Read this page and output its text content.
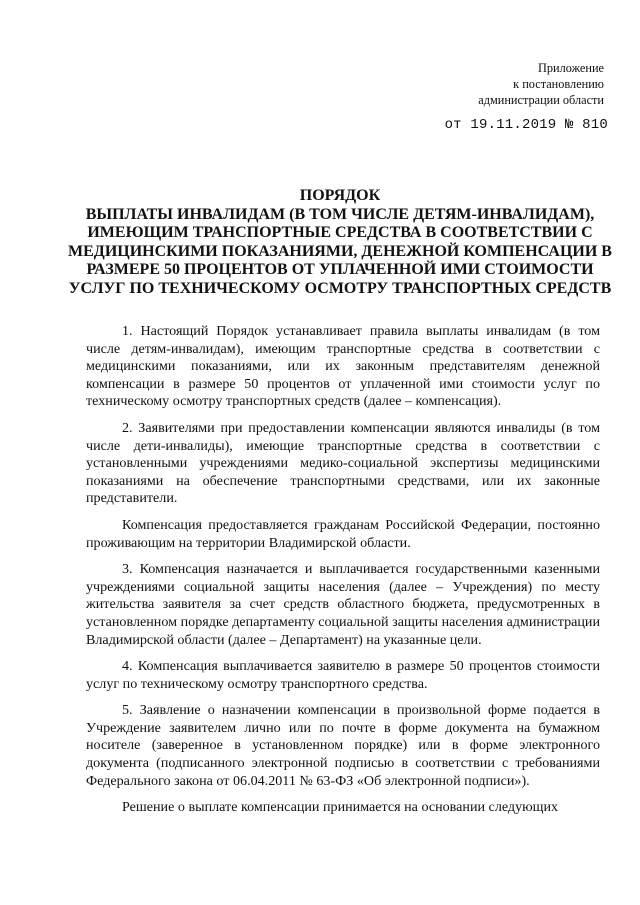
Приложение
к постановлению
администрации области
от 19.11.2019 № 810
ПОРЯДОК
ВЫПЛАТЫ ИНВАЛИДАМ (В ТОМ ЧИСЛЕ ДЕТЯМ-ИНВАЛИДАМ),
ИМЕЮЩИМ ТРАНСПОРТНЫЕ СРЕДСТВА В СООТВЕТСТВИИ С
МЕДИЦИНСКИМИ ПОКАЗАНИЯМИ, ДЕНЕЖНОЙ КОМПЕНСАЦИИ В
РАЗМЕРЕ 50 ПРОЦЕНТОВ ОТ УПЛАЧЕННОЙ ИМИ СТОИМОСТИ
УСЛУГ ПО ТЕХНИЧЕСКОМУ ОСМОТРУ ТРАНСПОРТНЫХ СРЕДСТВ

1. Настоящий Порядок устанавливает правила выплаты инвалидам (в том числе детям-инвалидам), имеющим транспортные средства в соответствии с медицинскими показаниями, или их законным представителям денежной компенсации в размере 50 процентов от уплаченной ими стоимости услуг по техническому осмотру транспортных средств (далее – компенсация).

2. Заявителями при предоставлении компенсации являются инвалиды (в том числе дети-инвалиды), имеющие транспортные средства в соответствии с установленными учреждениями медико-социальной экспертизы медицинскими показаниями на обеспечение транспортными средствами, или их законные представители.

Компенсация предоставляется гражданам Российской Федерации, постоянно проживающим на территории Владимирской области.

3. Компенсация назначается и выплачивается государственными казенными учреждениями социальной защиты населения (далее – Учреждения) по месту жительства заявителя за счет средств областного бюджета, предусмотренных в установленном порядке департаменту социальной защиты населения администрации Владимирской области (далее – Департамент) на указанные цели.

4. Компенсация выплачивается заявителю в размере 50 процентов стоимости услуг по техническому осмотру транспортного средства.

5. Заявление о назначении компенсации в произвольной форме подается в Учреждение заявителем лично или по почте в форме документа на бумажном носителе (заверенное в установленном порядке) или в форме электронного документа (подписанного электронной подписью в соответствии с требованиями Федерального закона от 06.04.2011 № 63-ФЗ «Об электронной подписи»).

Решение о выплате компенсации принимается на основании следующих
